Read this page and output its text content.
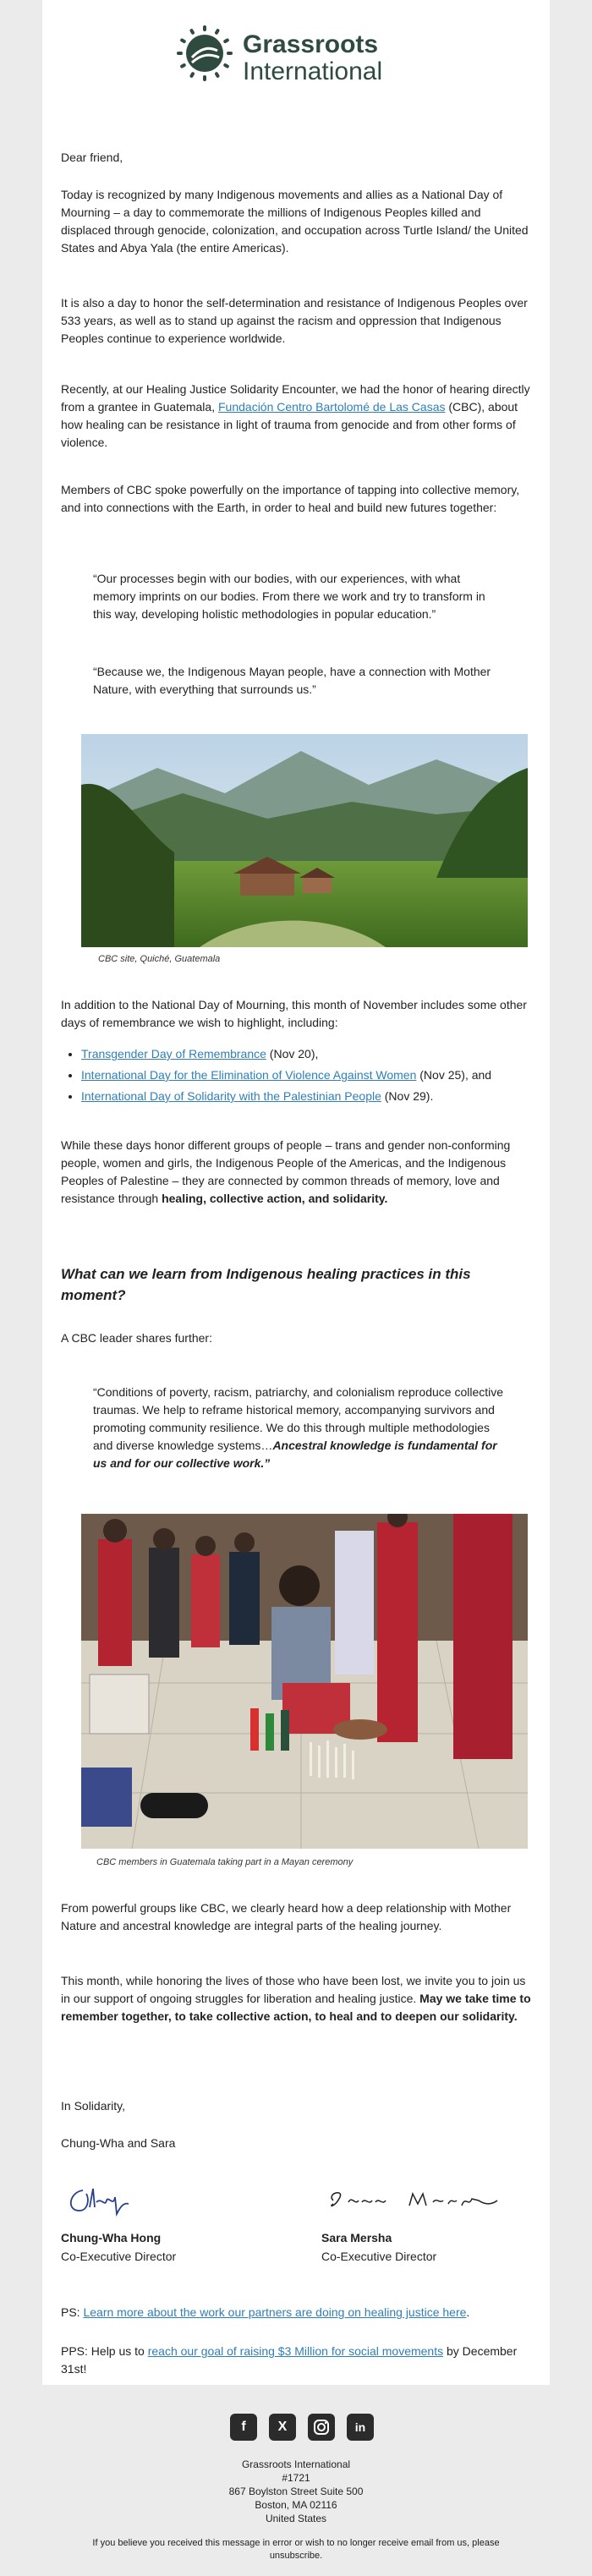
Grassroots
International
Dear friend,
Today is recognized by many Indigenous movements and allies as a National Day of Mourning – a day to commemorate the millions of Indigenous Peoples killed and displaced through genocide, colonization, and occupation across Turtle Island/ the United States and Abya Yala (the entire Americas).
It is also a day to honor the self-determination and resistance of Indigenous Peoples over 533 years, as well as to stand up against the racism and oppression that Indigenous Peoples continue to experience worldwide.
Recently, at our Healing Justice Solidarity Encounter, we had the honor of hearing directly from a grantee in Guatemala, Fundación Centro Bartolomé de Las Casas (CBC), about how healing can be resistance in light of trauma from genocide and from other forms of violence.
Members of CBC spoke powerfully on the importance of tapping into collective memory, and into connections with the Earth, in order to heal and build new futures together:
“Our processes begin with our bodies, with our experiences, with what memory imprints on our bodies. From there we work and try to transform in this way, developing holistic methodologies in popular education.”
“Because we, the Indigenous Mayan people, have a connection with Mother Nature, with everything that surrounds us.”
CBC site, Quiché, Guatemala
In addition to the National Day of Mourning, this month of November includes some other days of remembrance we wish to highlight, including:
• Transgender Day of Remembrance (Nov 20),
• International Day for the Elimination of Violence Against Women (Nov 25), and
• International Day of Solidarity with the Palestinian People (Nov 29).
While these days honor different groups of people – trans and gender non-conforming people, women and girls, the Indigenous People of the Americas, and the Indigenous Peoples of Palestine – they are connected by common threads of memory, love and resistance through healing, collective action, and solidarity.
What can we learn from Indigenous healing practices in this moment?
A CBC leader shares further:
“Conditions of poverty, racism, patriarchy, and colonialism reproduce collective traumas. We help to reframe historical memory, accompanying survivors and promoting community resilience. We do this through multiple methodologies and diverse knowledge systems…Ancestral knowledge is fundamental for us and for our collective work.”
CBC members in Guatemala taking part in a Mayan ceremony
From powerful groups like CBC, we clearly heard how a deep relationship with Mother Nature and ancestral knowledge are integral parts of the healing journey.
This month, while honoring the lives of those who have been lost, we invite you to join us in our support of ongoing struggles for liberation and healing justice. May we take time to remember together, to take collective action, to heal and to deepen our solidarity.
In Solidarity,
Chung-Wha and Sara
Chung-Wha Hong
Co-Executive Director
Sara Mersha
Co-Executive Director
PS: Learn more about the work our partners are doing on healing justice here.
PPS: Help us to reach our goal of raising $3 Million for social movements by December 31st!
f	X	in
Grassroots International
#1721
867 Boylston Street Suite 500
Boston, MA 02116
United States
If you believe you received this message in error or wish to no longer receive email from us, please unsubscribe.
